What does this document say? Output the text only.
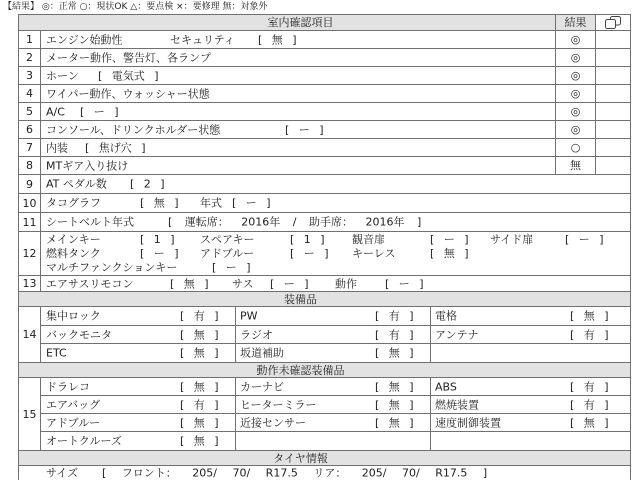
【結果】 ◎：正常 ○：現状OK △：要点検 ×：要修理 無：対象外
室内確認項目	結果
1	エンジン始動性	セキュリティ [ 無 ]	◎
2	メーター動作、警告灯、各ランプ	◎
3	ホーン [ 電気式 ]	◎
4	ワイパー動作、ウォッシャー状態	◎
5	A/C [ ー ]	◎
6	コンソール、ドリンクホルダー状態	[ ー ]	◎
7	内装 [ 焦げ穴 ]	○
8	MTギア入り抜け	無
9	AT ペダル数 [ 2 ]
10 タコグラフ	[ 無 ] 年式 [ ー ]
11 シートベルト年式	[ 運転席： 2016年 / 助手席： 2016年 ]
12
メインキー	[ 1 ] スペアキー	[ 1 ] 観音扉	[ ー ] サイド扉	[ ー ]
燃料タンク	[ ー ] アドブルー	[ ー ] キーレス	[ 無 ]
マルチファンクションキー	[ ー ]
13 エアサスリモコン	[ 無 ] サス [ ー ] 動作	[ ー ]
装備品
14
集中ロック	[ 有 ] PW	[ 有 ] 電格	[ 無 ]
バックモニタ	[ 無 ] ラジオ	[ 有 ] アンテナ	[ 有 ]
ETC	[ 無 ] 坂道補助	[ 無 ]
動作未確認装備品
15
ドラレコ	[ 無 ] カーナビ	[ 無 ] ABS	[ 有 ]
エアバッグ	[ 有 ] ヒーターミラー	[ 無 ] 燃焼装置	[ 有 ]
アドブルー	[ 無 ] 近接センサー	[ 無 ] 速度制御装置	[ 無 ]
オートクルーズ	[ 無 ]
タイヤ情報
サイズ [ フロント： 205/ 70/ R17.5 リア： 205/ 70/ R17.5 ]
